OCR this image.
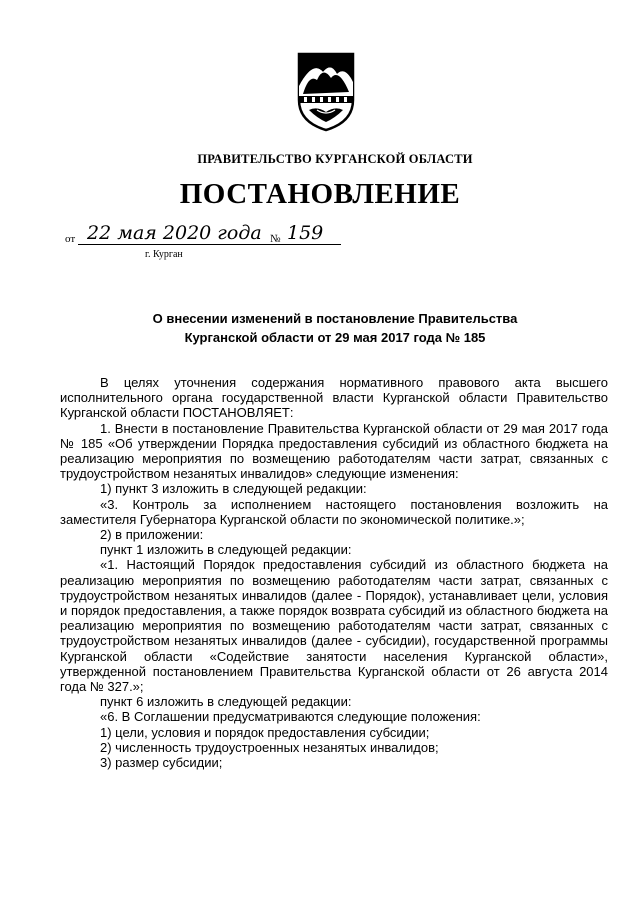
ПРАВИТЕЛЬСТВО КУРГАНСКОЙ ОБЛАСТИ
ПОСТАНОВЛЕНИЕ
от 22 мая 2020 года № 159
г. Курган
О внесении изменений в постановление Правительства
Курганской области от 29 мая 2017 года № 185

В целях уточнения содержания нормативного правового акта высшего исполнительного органа государственной власти Курганской области Правительство Курганской области ПОСТАНОВЛЯЕТ:

1. Внести в постановление Правительства Курганской области от 29 мая 2017 года № 185 «Об утверждении Порядка предоставления субсидий из областного бюджета на реализацию мероприятия по возмещению работодателям части затрат, связанных с трудоустройством незанятых инвалидов» следующие изменения:

1) пункт 3 изложить в следующей редакции:

«3. Контроль за исполнением настоящего постановления возложить на заместителя Губернатора Курганской области по экономической политике.»;

2) в приложении:

пункт 1 изложить в следующей редакции:

«1. Настоящий Порядок предоставления субсидий из областного бюджета на реализацию мероприятия по возмещению работодателям части затрат, связанных с трудоустройством незанятых инвалидов (далее - Порядок), устанавливает цели, условия и порядок предоставления, а также порядок возврата субсидий из областного бюджета на реализацию мероприятия по возмещению работодателям части затрат, связанных с трудоустройством незанятых инвалидов (далее - субсидии), государственной программы Курганской области «Содействие занятости населения Курганской области», утвержденной постановлением Правительства Курганской области от 26 августа 2014 года № 327.»;

пункт 6 изложить в следующей редакции:

«6. В Соглашении предусматриваются следующие положения:

1) цели, условия и порядок предоставления субсидии;

2) численность трудоустроенных незанятых инвалидов;

3) размер субсидии;
